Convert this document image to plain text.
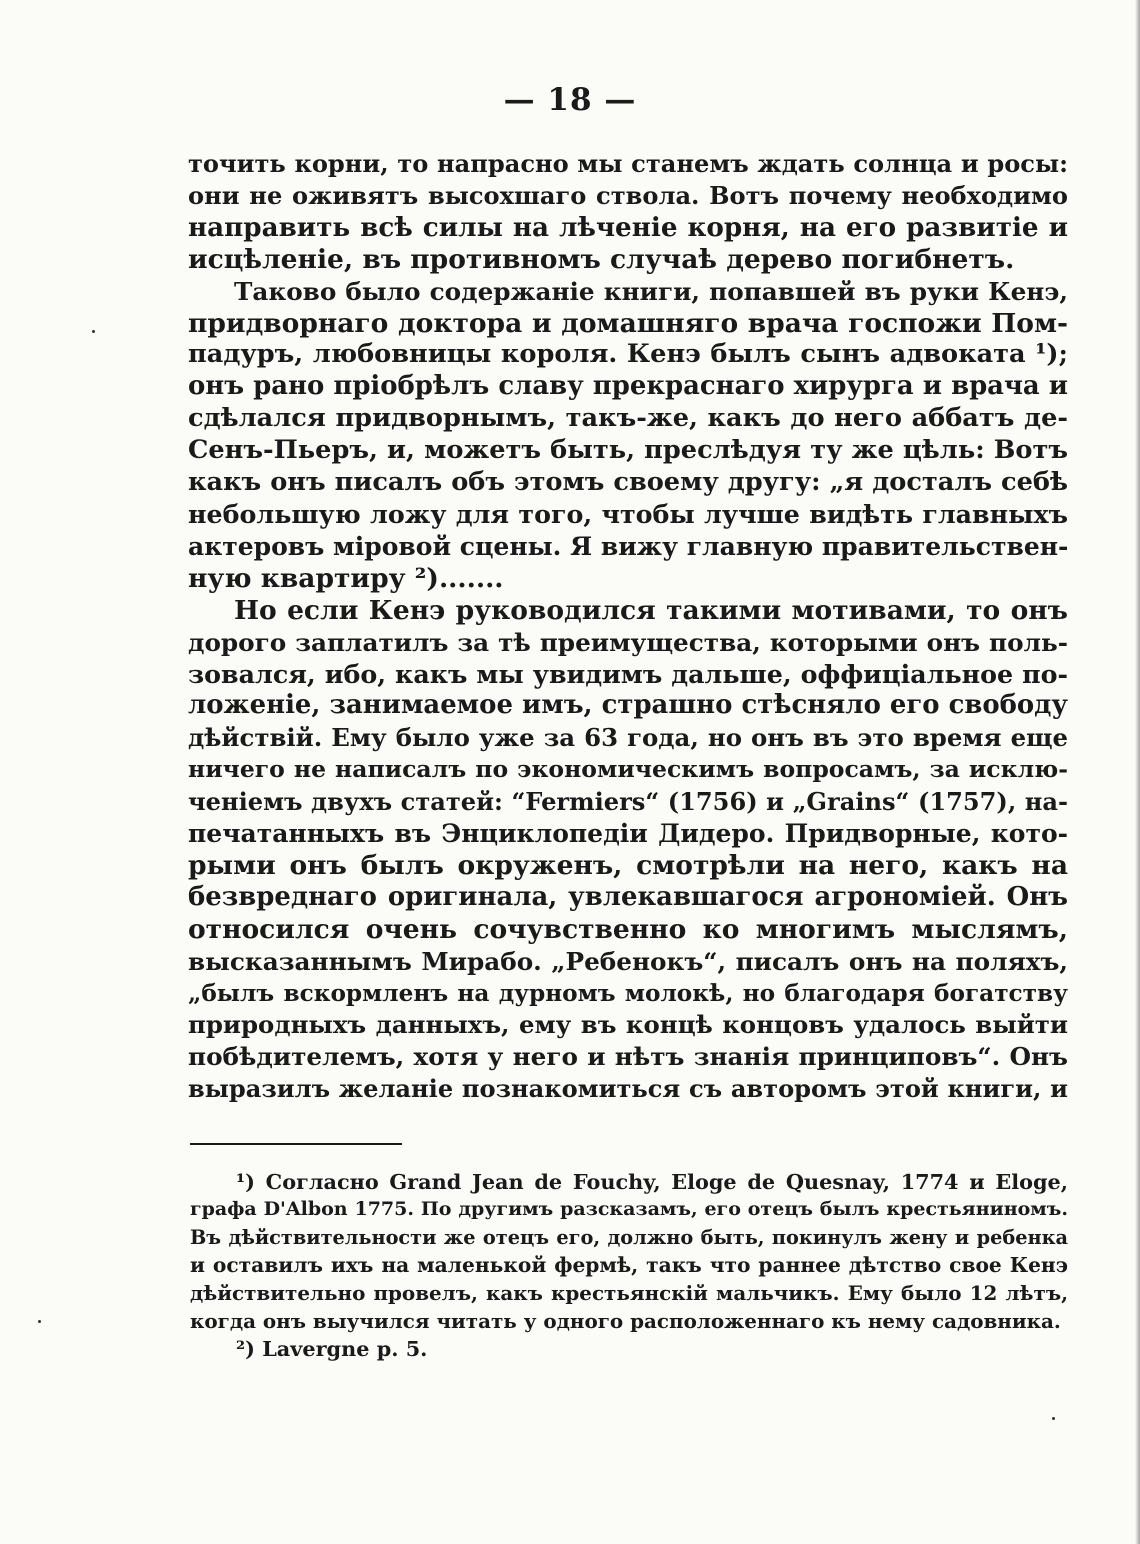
— 18 —
точить корни, то напрасно мы станемъ ждать солнца и росы:
они не оживятъ высохшаго ствола. Вотъ почему необходимо
направить всѣ силы на лѣченіе корня, на его развитіе и
исцѣленіе, въ противномъ случаѣ дерево погибнетъ.
Таково было содержаніе книги, попавшей въ руки Кенэ,
придворнаго доктора и домашняго врача госпожи Пом-
падуръ, любовницы короля. Кенэ былъ сынъ адвоката ¹);
онъ рано пріобрѣлъ славу прекраснаго хирурга и врача и
сдѣлался придворнымъ, такъ-же, какъ до него аббатъ де-
Сенъ-Пьеръ, и, можетъ быть, преслѣдуя ту же цѣль: Вотъ
какъ онъ писалъ объ этомъ своему другу: „я досталъ себѣ
небольшую ложу для того, чтобы лучше видѣть главныхъ
актеровъ міровой сцены. Я вижу главную правительствен-
ную квартиру ²).......
Но если Кенэ руководился такими мотивами, то онъ
дорого заплатилъ за тѣ преимущества, которыми онъ поль-
зовался, ибо, какъ мы увидимъ дальше, оффиціальное по-
ложеніе, занимаемое имъ, страшно стѣсняло его свободу
дѣйствій. Ему было уже за 63 года, но онъ въ это время еще
ничего не написалъ по экономическимъ вопросамъ, за исклю-
ченіемъ двухъ статей: “Fermiers“ (1756) и „Grains“ (1757), на-
печатанныхъ въ Энциклопедіи Дидеро. Придворные, кото-
рыми онъ былъ окруженъ, смотрѣли на него, какъ на
безвреднаго оригинала, увлекавшагося агрономіей. Онъ
относился очень сочувственно ко многимъ мыслямъ,
высказаннымъ Мирабо. „Ребенокъ“, писалъ онъ на поляхъ,
„былъ вскормленъ на дурномъ молокѣ, но благодаря богатству
природныхъ данныхъ, ему въ концѣ концовъ удалось выйти
побѣдителемъ, хотя у него и нѣтъ знанія принциповъ“. Онъ
выразилъ желаніе познакомиться съ авторомъ этой книги, и
¹) Согласно Grand Jean de Fouchy, Eloge de Quesnay, 1774 и Eloge,
графа D'Albon 1775. По другимъ разсказамъ, его отецъ былъ крестьяниномъ.
Въ дѣйствительности же отецъ его, должно быть, покинулъ жену и ребенка
и оставилъ ихъ на маленькой фермѣ, такъ что раннее дѣтство свое Кенэ
дѣйствительно провелъ, какъ крестьянскій мальчикъ. Ему было 12 лѣтъ,
когда онъ выучился читать у одного расположеннаго къ нему садовника.
²) Lavergne p. 5.
